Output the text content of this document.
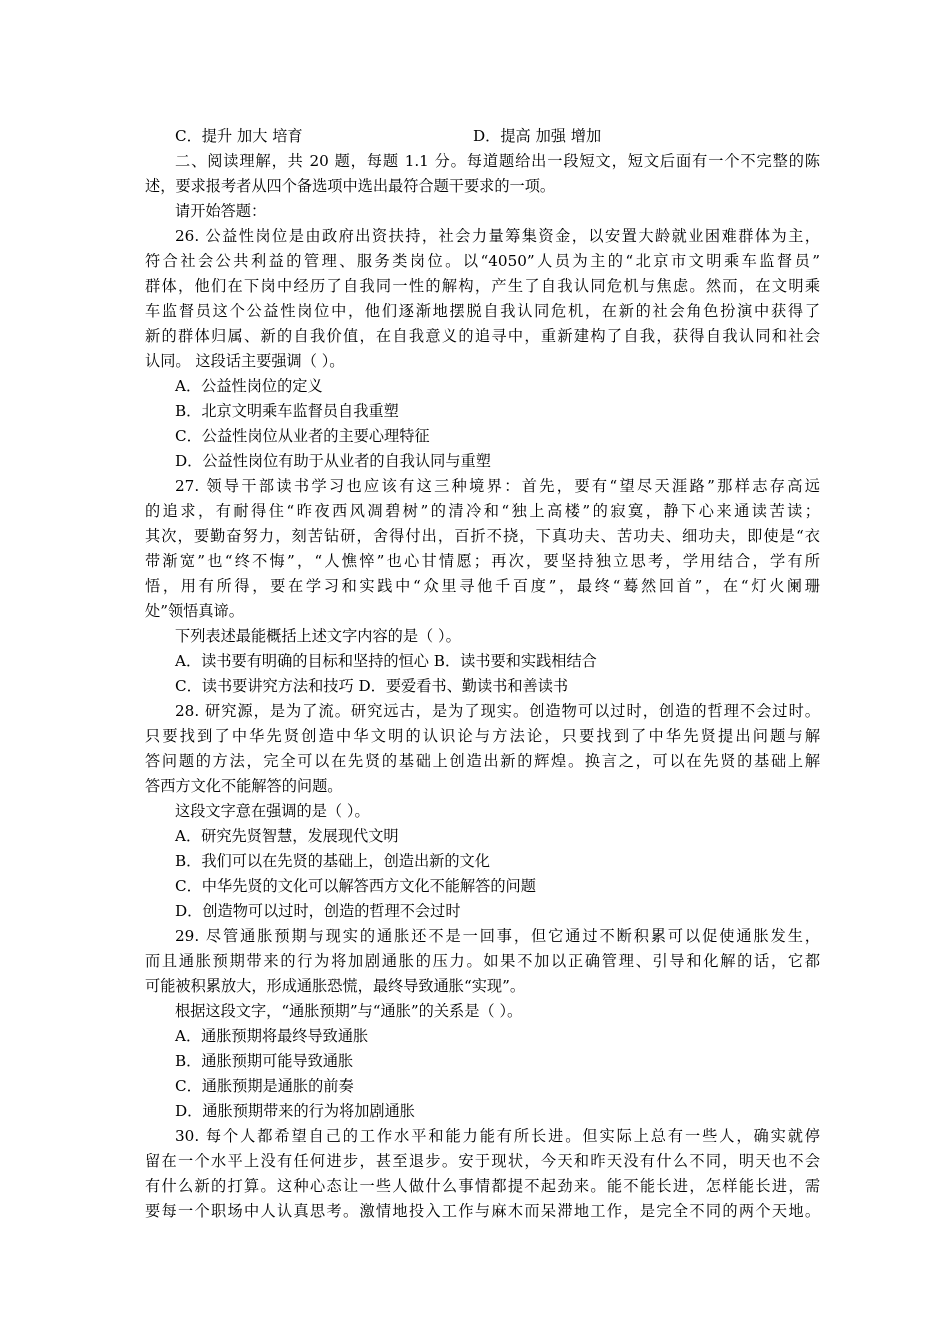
C．提升 加大 培育	D．提高 加强 增加
二、阅读理解，共 20 题，每题 1.1 分。每道题给出一段短文，短文后面有一个不完整的陈
述，要求报考者从四个备选项中选出最符合题干要求的一项。
请开始答题：
26. 公益性岗位是由政府出资扶持，社会力量筹集资金，以安置大龄就业困难群体为主，
符合社会公共利益的管理、服务类岗位。以“4050”人员为主的“北京市文明乘车监督员”
群体，他们在下岗中经历了自我同一性的解构，产生了自我认同危机与焦虑。然而，在文明乘
车监督员这个公益性岗位中，他们逐渐地摆脱自我认同危机，在新的社会角色扮演中获得了
新的群体归属、新的自我价值，在自我意义的追寻中，重新建构了自我，获得自我认同和社会
认同。 这段话主要强调（ ）。
A．公益性岗位的定义
B．北京文明乘车监督员自我重塑
C．公益性岗位从业者的主要心理特征
D．公益性岗位有助于从业者的自我认同与重塑
27. 领导干部读书学习也应该有这三种境界：首先，要有“望尽天涯路”那样志存高远
的追求，有耐得住“昨夜西风凋碧树”的清冷和“独上高楼”的寂寞，静下心来通读苦读；
其次，要勤奋努力，刻苦钻研，舍得付出，百折不挠，下真功夫、苦功夫、细功夫，即使是“衣
带渐宽”也“终不悔”，“人憔悴”也心甘情愿；再次，要坚持独立思考，学用结合，学有所
悟，用有所得，要在学习和实践中“众里寻他千百度”，最终“蓦然回首”，在“灯火阑珊
处”领悟真谛。
下列表述最能概括上述文字内容的是（ ）。
A．读书要有明确的目标和坚持的恒心 B．读书要和实践相结合
C．读书要讲究方法和技巧 D．要爱看书、勤读书和善读书
28. 研究源，是为了流。研究远古，是为了现实。创造物可以过时，创造的哲理不会过时。
只要找到了中华先贤创造中华文明的认识论与方法论，只要找到了中华先贤提出问题与解
答问题的方法，完全可以在先贤的基础上创造出新的辉煌。换言之，可以在先贤的基础上解
答西方文化不能解答的问题。
这段文字意在强调的是（ ）。
A．研究先贤智慧，发展现代文明
B．我们可以在先贤的基础上，创造出新的文化
C．中华先贤的文化可以解答西方文化不能解答的问题
D．创造物可以过时，创造的哲理不会过时
29. 尽管通胀预期与现实的通胀还不是一回事，但它通过不断积累可以促使通胀发生，
而且通胀预期带来的行为将加剧通胀的压力。如果不加以正确管理、引导和化解的话，它都
可能被积累放大，形成通胀恐慌，最终导致通胀“实现”。
根据这段文字，“通胀预期”与“通胀”的关系是（ ）。
A．通胀预期将最终导致通胀
B．通胀预期可能导致通胀
C．通胀预期是通胀的前奏
D．通胀预期带来的行为将加剧通胀
30. 每个人都希望自己的工作水平和能力能有所长进。但实际上总有一些人，确实就停
留在一个水平上没有任何进步，甚至退步。安于现状，今天和昨天没有什么不同，明天也不会
有什么新的打算。这种心态让一些人做什么事情都提不起劲来。能不能长进，怎样能长进，需
要每一个职场中人认真思考。激情地投入工作与麻木而呆滞地工作，是完全不同的两个天地。
